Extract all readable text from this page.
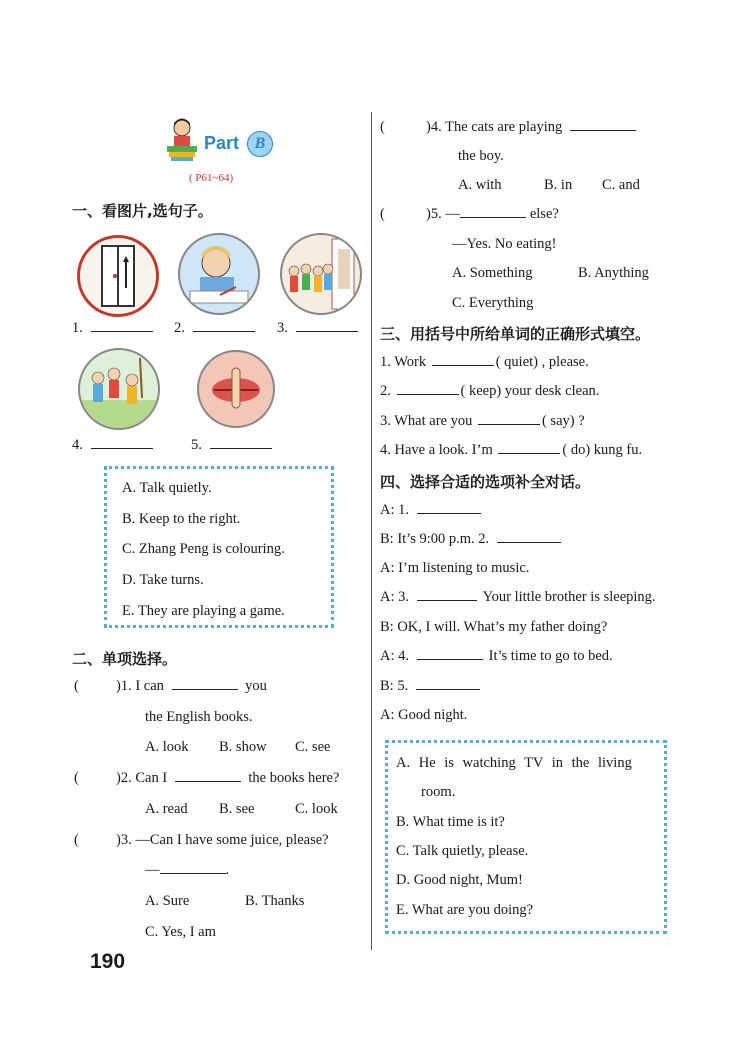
Part B
( P61~64)
一、看图片,选句子。
1.	2.	3.
4.	5.
A. Talk quietly.
B. Keep to the right.
C. Zhang Peng is colouring.
D. Take turns.
E. They are playing a game.
二、单项选择。
(	)1. I can	you
the English books.
A. look B. show C. see
(	)2. Can I	the books here?
A. read B. see	C. look
(	)3. —Can I have some juice, please?
—	.
A. Sure	B. Thanks
C. Yes, I am
190
(	)4. The cats are playing
the boy.
A. with	B. in C. and
(	)5. —	else?
—Yes. No eating!
A. Something	B. Anything
C. Everything
三、用括号中所给单词的正确形式填空。
1. Work	( quiet) , please.
2.	( keep) your desk clean.
3. What are you	( say) ?
4. Have a look. I’m	( do) kung fu.
四、选择合适的选项补全对话。
A: 1.
B: It’s 9:00 p.m. 2.
A: I’m listening to music.
A: 3.	Your little brother is sleeping.
B: OK, I will. What’s my father doing?
A: 4.	It’s time to go to bed.
B: 5.
A: Good night.
A. He is watching TV in the living
room.
B. What time is it?
C. Talk quietly, please.
D. Good night, Mum!
E. What are you doing?
